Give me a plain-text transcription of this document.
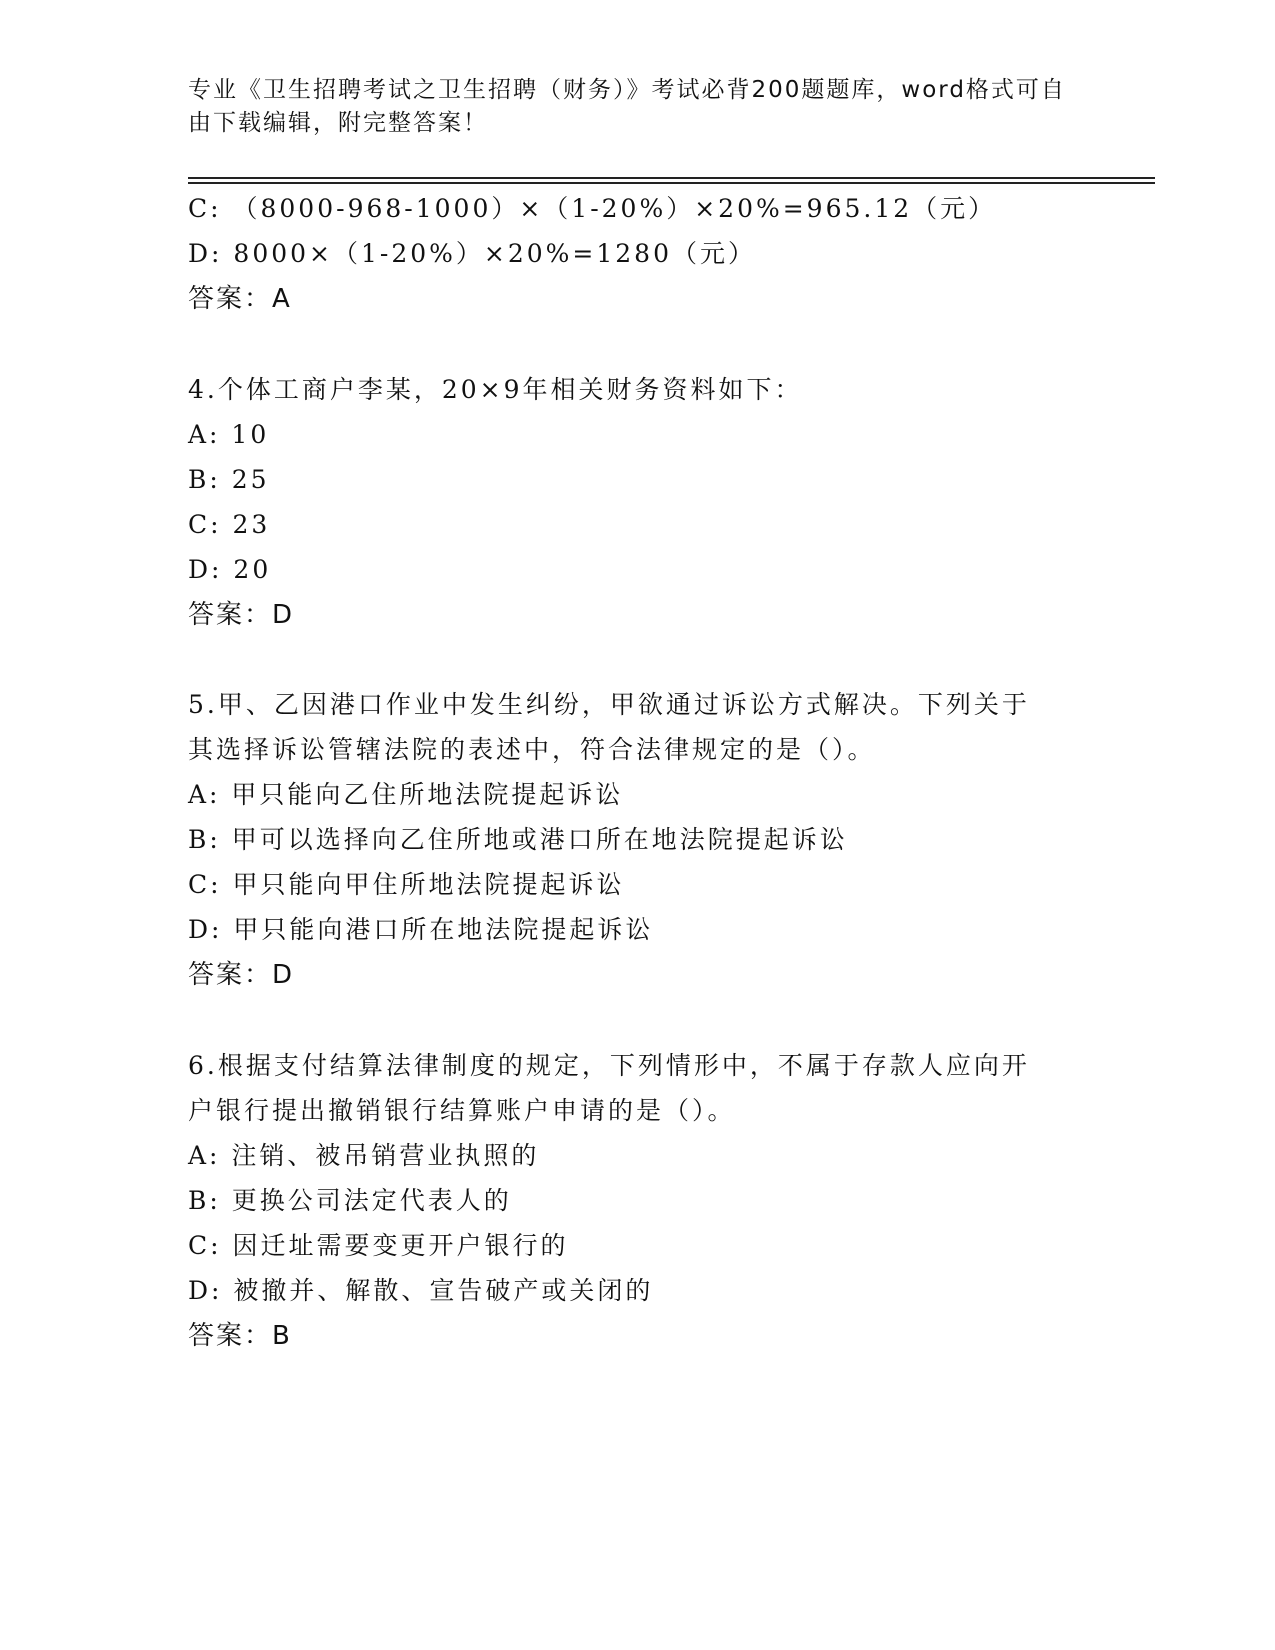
专业《卫生招聘考试之卫生招聘（财务）》考试必背200题题库，word格式可自
由下载编辑，附完整答案！
C: （8000-968-1000）×（1-20%）×20%=965.12（元）
D: 8000×（1-20%）×20%=1280（元）
答案：A
4.个体工商户李某，20×9年相关财务资料如下：
A: 10
B: 25
C: 23
D: 20
答案：D
5.甲、乙因港口作业中发生纠纷，甲欲通过诉讼方式解决。下列关于
其选择诉讼管辖法院的表述中，符合法律规定的是（）。
A: 甲只能向乙住所地法院提起诉讼
B: 甲可以选择向乙住所地或港口所在地法院提起诉讼
C: 甲只能向甲住所地法院提起诉讼
D: 甲只能向港口所在地法院提起诉讼
答案：D
6.根据支付结算法律制度的规定，下列情形中，不属于存款人应向开
户银行提出撤销银行结算账户申请的是（）。
A: 注销、被吊销营业执照的
B: 更换公司法定代表人的
C: 因迁址需要变更开户银行的
D: 被撤并、解散、宣告破产或关闭的
答案：B
